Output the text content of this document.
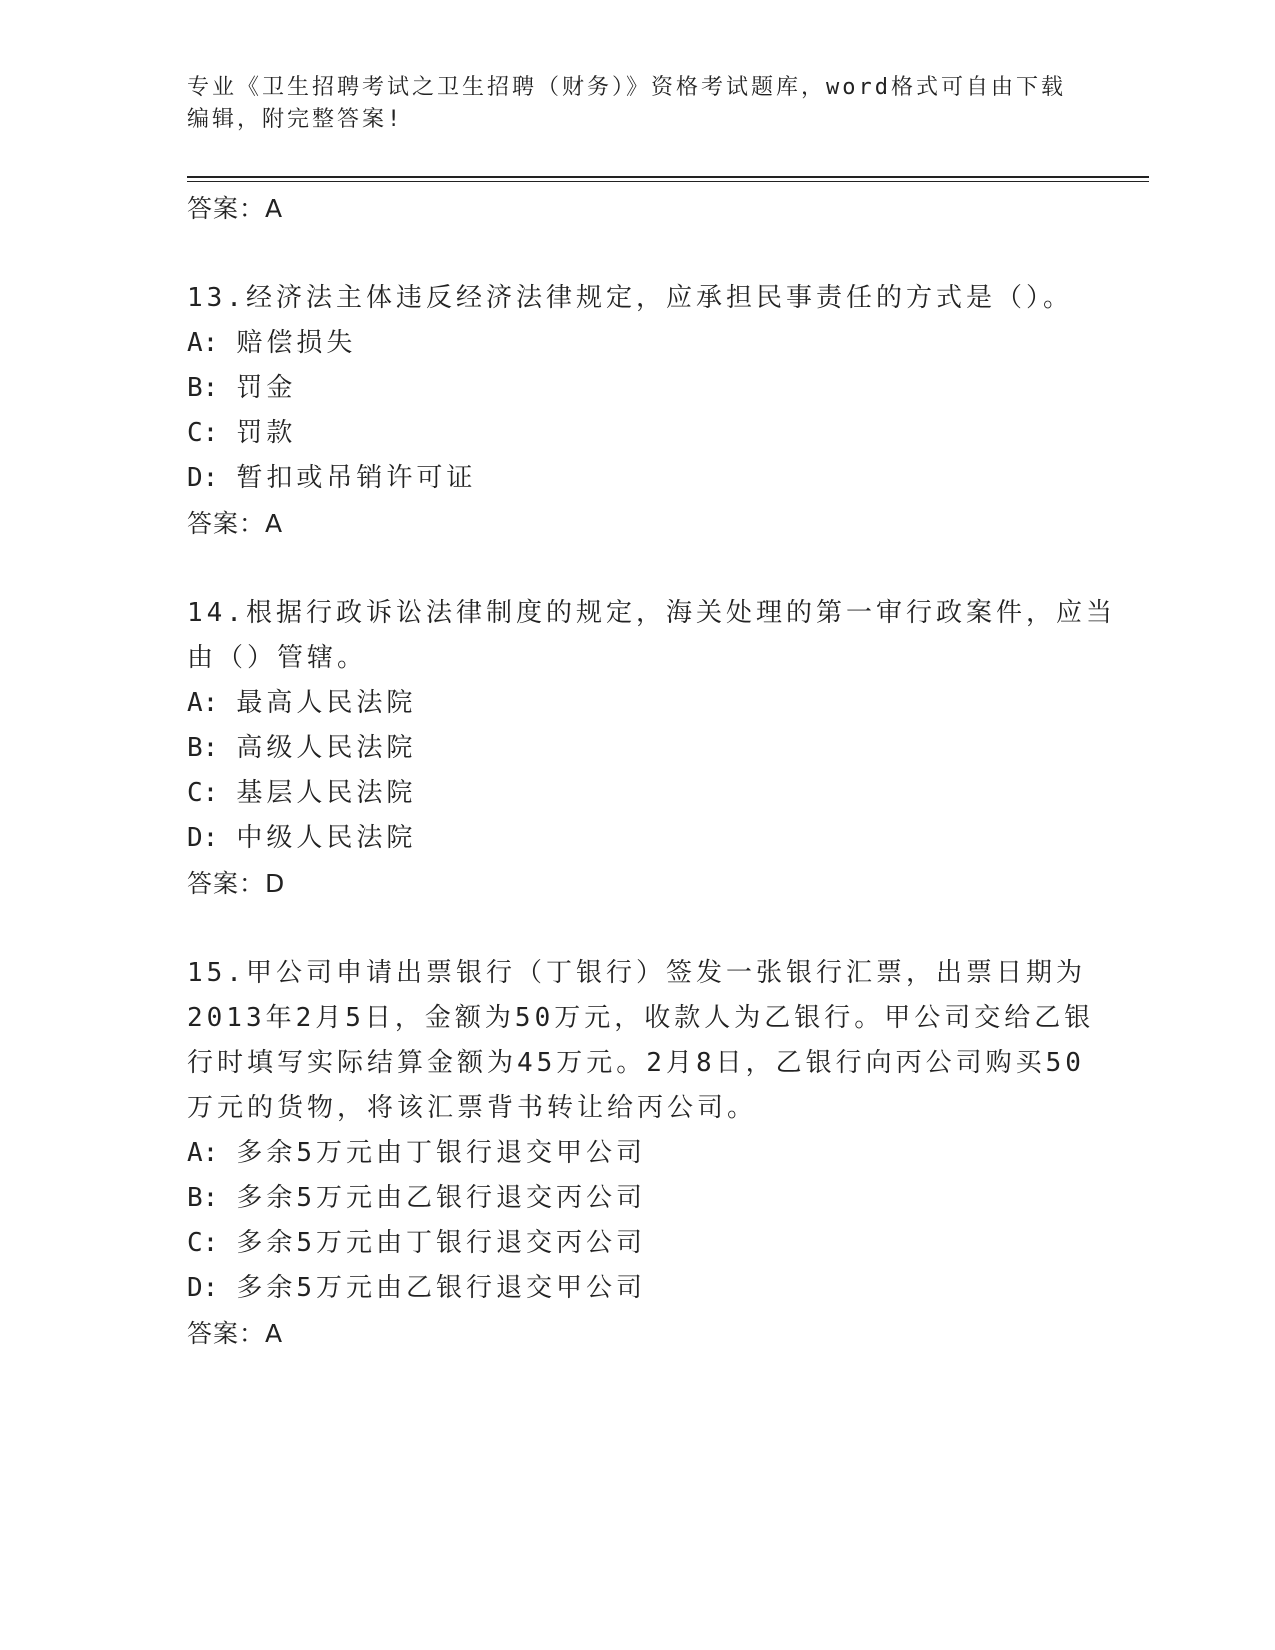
专业《卫生招聘考试之卫生招聘（财务）》资格考试题库，word格式可自由下载
编辑，附完整答案!
答案：A
13.经济法主体违反经济法律规定，应承担民事责任的方式是（）。
A: 赔偿损失
B: 罚金
C: 罚款
D: 暂扣或吊销许可证
答案：A
14.根据行政诉讼法律制度的规定，海关处理的第一审行政案件，应当
由（）管辖。
A: 最高人民法院
B: 高级人民法院
C: 基层人民法院
D: 中级人民法院
答案：D
15.甲公司申请出票银行（丁银行）签发一张银行汇票，出票日期为
2013年2月5日，金额为50万元，收款人为乙银行。甲公司交给乙银
行时填写实际结算金额为45万元。2月8日，乙银行向丙公司购买50
万元的货物，将该汇票背书转让给丙公司。
A: 多余5万元由丁银行退交甲公司
B: 多余5万元由乙银行退交丙公司
C: 多余5万元由丁银行退交丙公司
D: 多余5万元由乙银行退交甲公司
答案：A
